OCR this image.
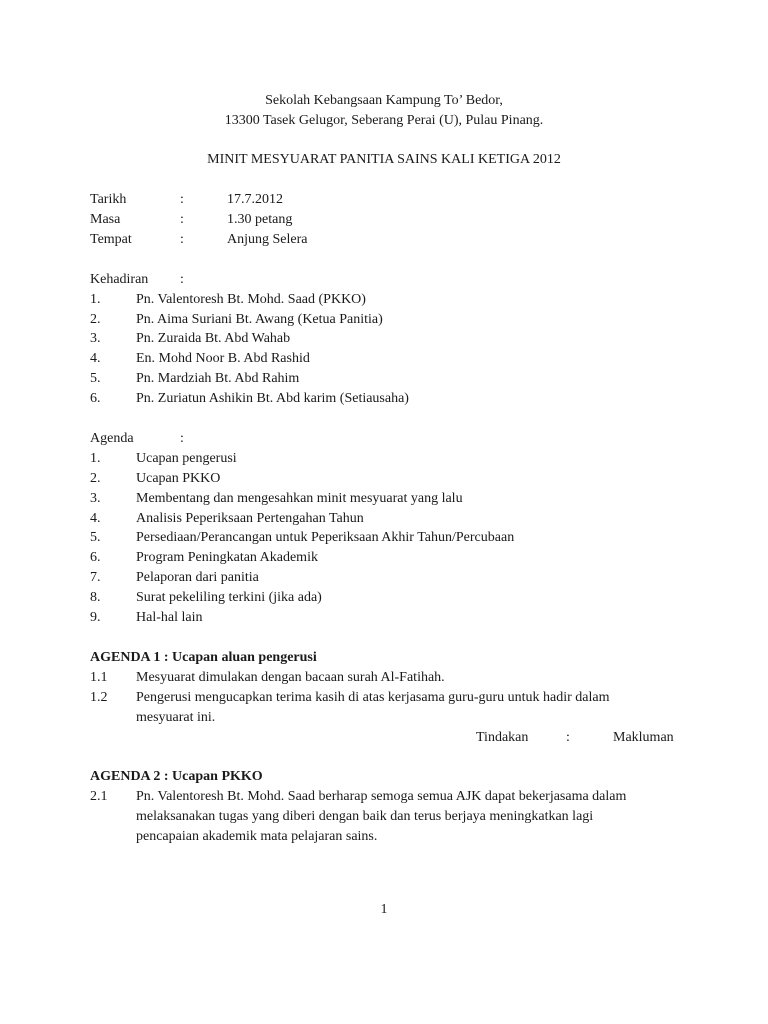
Sekolah Kebangsaan Kampung To’ Bedor,
13300 Tasek Gelugor, Seberang Perai (U), Pulau Pinang.
MINIT MESYUARAT PANITIA SAINS KALI KETIGA 2012
Tarikh	:	17.7.2012
Masa	:	1.30 petang
Tempat	:	Anjung Selera
Kehadiran :
1.	Pn. Valentoresh Bt. Mohd. Saad (PKKO)
2.	Pn. Aima Suriani Bt. Awang (Ketua Panitia)
3.	Pn. Zuraida Bt. Abd Wahab
4.	En. Mohd Noor B. Abd Rashid
5.	Pn. Mardziah Bt. Abd Rahim
6.	Pn. Zuriatun Ashikin Bt. Abd karim (Setiausaha)
Agenda	:
1.	Ucapan pengerusi
2.	Ucapan PKKO
3.	Membentang dan mengesahkan minit mesyuarat yang lalu
4.	Analisis Peperiksaan Pertengahan Tahun
5.	Persediaan/Perancangan untuk Peperiksaan Akhir Tahun/Percubaan
6.	Program Peningkatan Akademik
7.	Pelaporan dari panitia
8.	Surat pekeliling terkini (jika ada)
9.	Hal-hal lain
AGENDA 1 : Ucapan aluan pengerusi
1.1 Mesyuarat dimulakan dengan bacaan surah Al-Fatihah.
1.2 Pengerusi mengucapkan terima kasih di atas kerjasama guru-guru untuk hadir dalam
mesyuarat ini.
Tindakan	:	Makluman
AGENDA 2 : Ucapan PKKO
2.1 Pn. Valentoresh Bt. Mohd. Saad berharap semoga semua AJK dapat bekerjasama dalam
melaksanakan tugas yang diberi dengan baik dan terus berjaya meningkatkan lagi
pencapaian akademik mata pelajaran sains.
1
